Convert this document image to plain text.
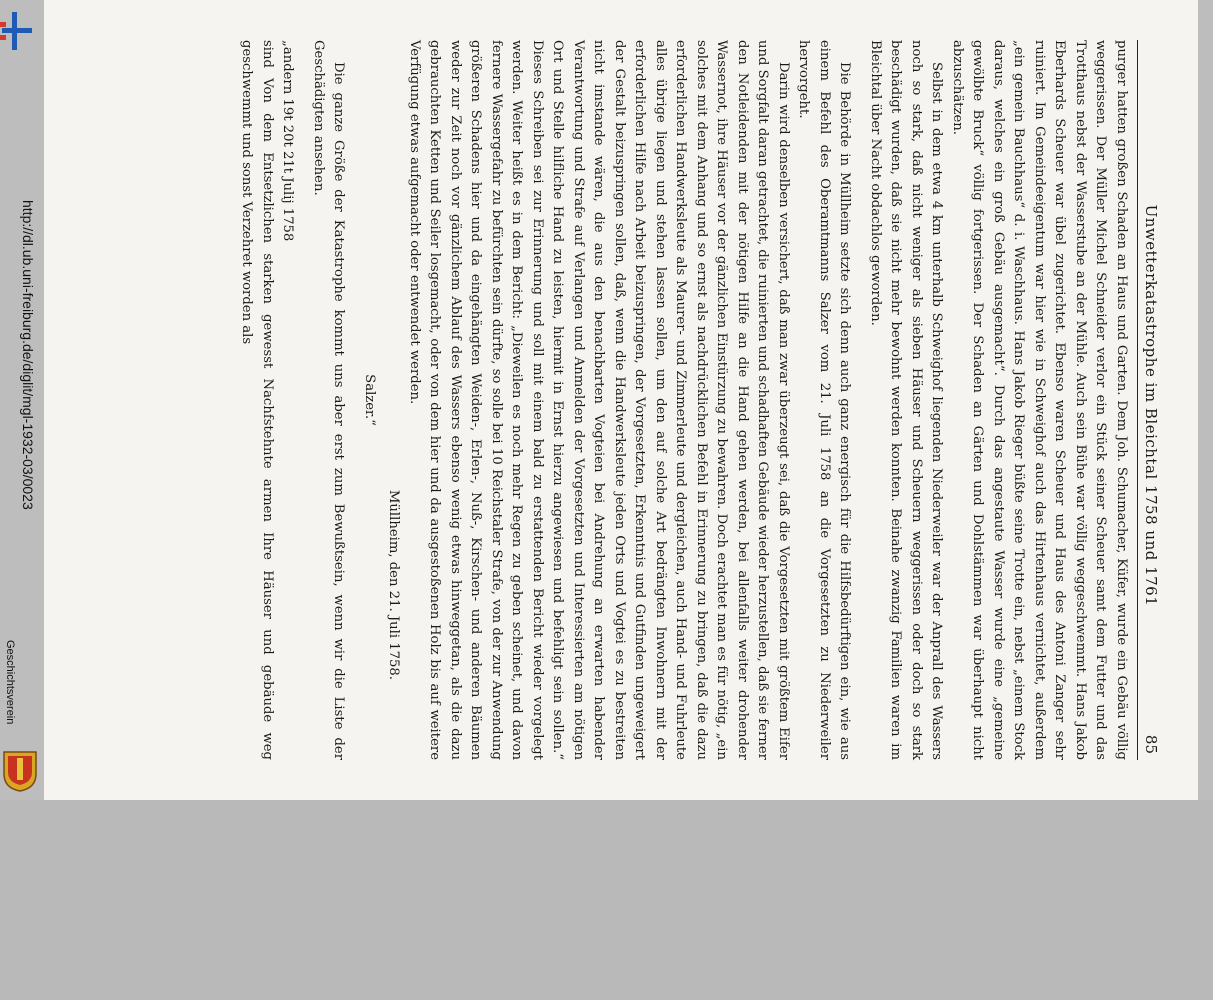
http://dl.ub.uni-freiburg.de/diglit/mgl-1932-03/0023
Geschichtsverein
Unwetterkatastrophe im Bleichtal 1758 und 1761
85

purger hatten großen Schaden an Haus und Garten. Dem Joh. Schumacher, Küfer, wurde ein Gebäu völlig weggerissen. Der Müller Michel Schneider verlor ein Stück seiner Scheuer samt dem Futter und das Trotthaus nebst der Wasserstube an der Mühle. Auch sein Bühe war völlig weggeschwemmt. Hans Jakob Eberhards Scheuer war übel zugerichtet. Ebenso waren Scheuer und Haus des Antoni Zanger sehr ruiniert. Im Gemeindeeigentum war hier wie in Schweighof auch das Hirtenhaus vernichtet, außerdem „ein gemein Bauchhaus“ d. i. Waschhaus. Hans Jakob Rieger büßte seine Trotte ein, nebst „einem Stock daraus, welches ein groß Gebäu ausgemacht“. Durch das angestaute Wasser wurde eine „gemeine gewölbte Bruck“ völlig fortgerissen. Der Schaden an Gärten und Dohlstämmen war überhaupt nicht abzuschätzen.

Selbst in dem etwa 4 km unterhalb Schweighof liegenden Niederweiler war der Anprall des Wassers noch so stark, daß nicht weniger als sieben Häuser und Scheuern weggerissen oder doch so stark beschädigt wurden, daß sie nicht mehr bewohnt werden konnten. Beinahe zwanzig Familien waren im Bleichtal über Nacht obdachlos geworden.

Die Behörde in Müllheim setzte sich denn auch ganz energisch für die Hilfsbedürftigen ein, wie aus einem Befehl des Oberamtmanns Salzer vom 21. Juli 1758 an die Vorgesetzten zu Niederweiler hervorgeht.

Darin wird denselben versichert, daß man zwar überzeugt sei, daß die Vorgesetzten mit größtem Eifer und Sorgfalt daran getrachtet, die ruinierten und schadhaften Gebäude wieder herzustellen, daß sie ferner den Notleidenden mit der nötigen Hilfe an die Hand gehen werden, bei allenfalls weiter drohender Wassernot, ihre Häuser vor der gänzlichen Einstürzung zu bewahren. Doch erachtet man es für nötig, „ein solches mit dem Anhang und so ernst als nachdrücklichen Befehl in Erinnerung zu bringen, daß die dazu erforderlichen Handwerksleute als Maurer- und Zimmerleute und dergleichen, auch Hand- und Fuhrleute alles übrige liegen und stehen lassen sollen, um den auf solche Art bedrängten Inwohnern mit der erforderlichen Hilfe nach Arbeit beizuspringen, der Vorgesetzten, Erkenntnis und Gutfinden ungeweigert der Gestalt beizuspringen sollen, daß, wenn die Handwerksleute jeden Orts und Vogtei es zu bestreiten nicht imstande wären, die aus den benachbarten Vogteien bei Andrehung an erwarten habender Verantwortung und Strafe auf Verlangen und Anmelden der Vorgesetzten und Interessierten am nötigen Ort und Stelle hilfliche Hand zu leisten, hiermit in Ernst hierzu angewiesen und befehligt sein sollen.“ Dieses Schreiben sei zur Erinnerung und soll mit einem bald zu erstattenden Bericht wieder vorgelegt werden. Weiter heißt es in dem Bericht: „Dieweilen es noch mehr Regen zu geben scheinet, und davon fernere Wassergefahr zu befürchten sein dürfte, so solle bei 10 Reichstaler Strafe, von der zur Anwendung größeren Schadens hier und da eingehängten Weiden-, Erlen-, Nuß-, Kirschen- und anderen Bäumen weder zur Zeit noch vor gänzlichem Ablauf des Wassers ebenso wenig etwas hinweggetan, als die dazu gebrauchten Ketten und Seiler losgemacht, oder von dem hier und da ausgestoßenen Holz bis auf weitere Verfügung etwas aufgemacht oder entwendet werden.

Müllheim, den 21. Juli 1758.

Salzer.“

Die ganze Größe der Katastrophe kommt uns aber erst zum Bewußtsein, wenn wir die Liste der Geschädigten ansehen.

„andern 19t 20t 21t Julij 1758

sind Von dem Entsetzlichen starken gewesst Nachfstehnte armen Ihre Häuser und gebäude weg geschwemmt und sonst Verzehret worden als
